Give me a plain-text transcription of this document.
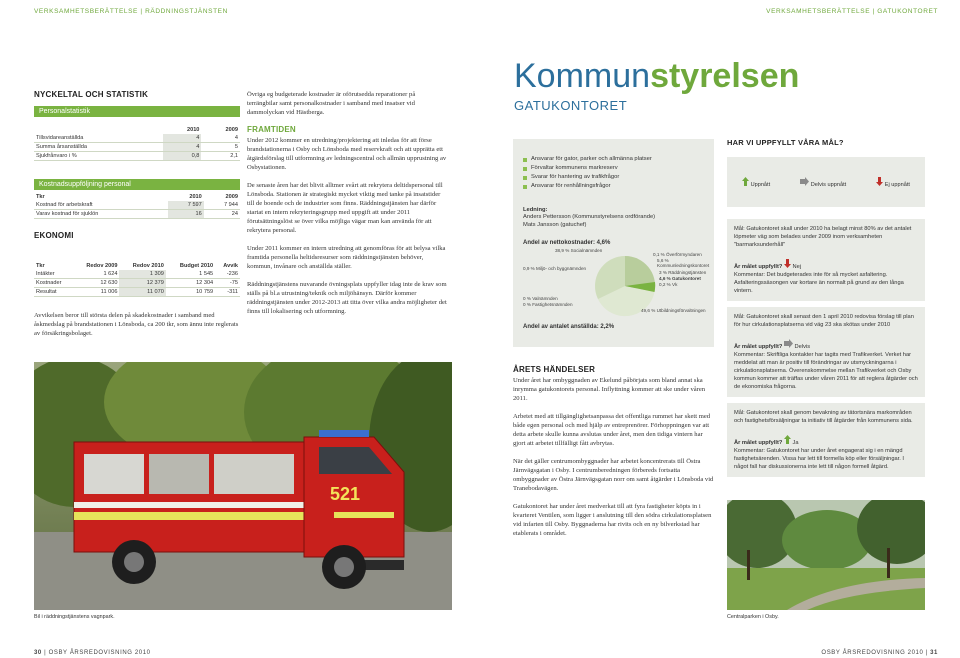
VERKSAMHETSBERÄTTELSE | RÄDDNINGSTJÄNSTEN	VERKSAMHETSBERÄTTELSE | GATUKONTORET
NYCKELTAL OCH STATISTIK
Personalstatistik
	2010	2009
Tillsvidareanställda	4	4
Summa årsanställda	4	5
Sjukfrånvaro i %	0,8	2,1
Kostnadsuppföljning personal
Tkr	2010	2009
Kostnad för arbetskraft	7 597	7 944
Varav kostnad för sjuklön	16	24
EKONOMI
Tkr	Redov 2009	Redov 2010	Budget 2010	Avvik
Intäkter	1 624	1 309	1 545	-236
Kostnader	12 630	12 379	12 304	-75
Resultat	11 006	11 070	10 759	-311

Avvikelsen beror till största delen på skadekostnader i samband med åskmedslag på brandstationen i Lönsboda, ca 200 tkr, som ännu inte reglerats av försäkringsbolaget.

Övriga eg budgeterade kostnader är oförutsedda reparationer på terrängbilar samt personalkostnader i samband med insatser vid dammolyckan vid Hästberga.

FRAMTIDEN

Under 2012 kommer en utredning/projektering att inledas för att förse brandstationerna i Osby och Lönsboda med reservkraft och att upprätta ett åtgärdsförslag till utformning av ledningscentral och allmän upprustning av Osbystationen.

De senaste åren har det blivit alltmer svårt att rekrytera deltidspersonal till Lönsboda. Stationen är strategiskt mycket viktig med tanke på insatstider till de boende och de industrier som finns. Räddningstjänsten har därför startat en intern rekryteringsgrupp med uppgift att under 2011 förutsättningslöst se över vilka möjliga vägar man kan använda för att rekrytera personal.

Under 2011 kommer en intern utredning att genomföras för att belysa vilka framtida personella heltidsresurser som räddningstjänsten behöver, kommun, invånare och anställda ställer.

Räddningstjänstens nuvarande övningsplats uppfyller idag inte de krav som ställs på bl.a utrustning/teknik och miljöhänsyn. Därför kommer räddningstjänsten under 2012-2013 att titta över vilka andra möjligheter det finns till lokalisering och utformning.

521
Bil i räddningstjänstens vagnpark.
Kommunstyrelsen
GATUKONTORET
Ansvarar för gator, parker och allmänna platser
Förvaltar kommunens markreserv
Svarar för hantering av trafikfrågor
Ansvarar för renhållningsfrågor
Ledning:
Anders Pettersson (Kommunstyrelsens ordförande)
Mats Jansson (gatuchef)
Andel av nettokostnader: 4,6%
38,9 % Socialnämnden
0,1 % Överförmyndaren
5,6 % Kommunledningskontoret
3 % Räddningstjänsten
4,6 % Gatukontoret
0,2 % Vk
49,6 % Utbildningsförvaltningen
0,9 % Miljö- och byggnämnden
0 % Valnämnden
0 % Fastighetsnämnden
Andel av antalet anställda: 2,2%
ÅRETS HÄNDELSER

Under året har ombyggnaden av Ekelund påbörjats som bland annat ska inrymma gatukontorets personal. Inflyttning kommer att ske under våren 2011.

Arbetet med att tillgänglighetsanpassa det offentliga rummet har skett med både egen personal och med hjälp av entreprenörer. Förhoppningen var att detta arbete skulle kunna avslutas under året, men den tidiga vintern har gjort att arbetet tillfälligt fått avbrytas.

När det gäller centrumombyggnader har arbetet koncentrerats till Östra Järnvägsgatan i Osby. I centrumberedningen förbereds fortsatta ombyggnader av Östra Järnvägsgatan norr om samt åtgärder i Lönsboda vid Tranebodavägen.

Gatukontoret har under året medverkat till att fyra fastigheter köpts in i kvarteret Ventilen, som ligger i anslutning till den södra cirkulationsplatsen vid infarten till Osby. Byggnaderna har rivits och en ny bilverkstad har etablerats i området.

HAR VI UPPFYLLT VÅRA MÅL?
Uppnått	Delvis uppnått	Ej uppnått
Mål: Gatukontoret skall under 2010 ha belagt minst 80% av det antalet löpmeter väg som belades under 2009 inom verksamheten "barmarksunderhåll"
Är målet uppfyllt? Nej
Kommentar: Det budgeterades inte för så mycket asfaltering. Asfalteringssäsongen var kortare än normalt på grund av den långa vintern.
Mål: Gatukontoret skall senast den 1 april 2010 redovisa förslag till plan för hur cirkulationsplatserna vid väg 23 ska skötas under 2010
Är målet uppfyllt? Delvis
Kommentar: Skriftliga kontakter har tagits med Trafikverket. Verket har meddelat att man är positiv till förändringar av utsmyckningarna i cirkulationsplatserna. Överenskommelse mellan Trafikverket och Osby kommun kommer att träffas under våren 2011 för att reglera åtgärder och de ekonomiska frågorna.
Mål: Gatukontoret skall genom bevakning av tätortsnära markområden och fastighetsförsäljningar ta initiativ till åtgärder från kommunens sida.
Är målet uppfyllt? Ja
Kommentar: Gatukontoret har under året engagerat sig i en mängd fastighetsärenden. Vissa har lett till formella köp eller försäljningar. I något fall har diskussionerna inte lett till någon formell åtgärd.
Centralparken i Osby.
30 | OSBY ÅRSREDOVISNING 2010	OSBY ÅRSREDOVISNING 2010 | 31
